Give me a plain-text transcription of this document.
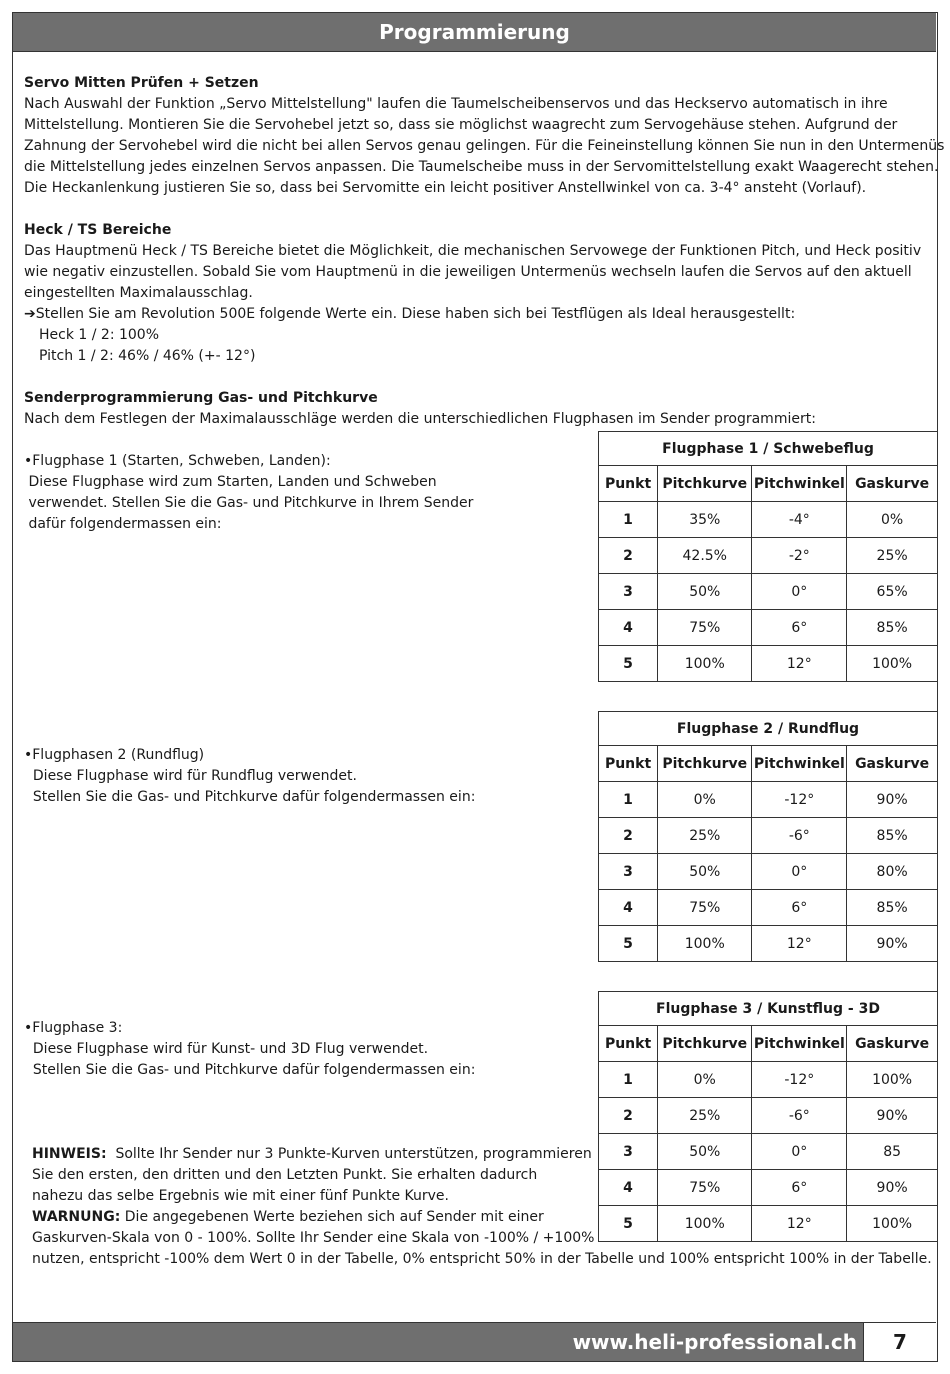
Programmierung
www.heli-professional.ch	7
Servo Mitten Prüfen + Setzen
Nach Auswahl der Funktion „Servo Mittelstellung" laufen die Taumelscheibenservos und das Heckservo automatisch in ihre
Mittelstellung. Montieren Sie die Servohebel jetzt so, dass sie möglichst waagrecht zum Servogehäuse stehen. Aufgrund der
Zahnung der Servohebel wird die nicht bei allen Servos genau gelingen. Für die Feineinstellung können Sie nun in den Untermenüs
die Mittelstellung jedes einzelnen Servos anpassen. Die Taumelscheibe muss in der Servomittelstellung exakt Waagerecht stehen.
Die Heckanlenkung justieren Sie so, dass bei Servomitte ein leicht positiver Anstellwinkel von ca. 3-4° ansteht (Vorlauf).
Heck / TS Bereiche
Das Hauptmenü Heck / TS Bereiche bietet die Möglichkeit, die mechanischen Servowege der Funktionen Pitch, und Heck positiv
wie negativ einzustellen. Sobald Sie vom Hauptmenü in die jeweiligen Untermenüs wechseln laufen die Servos auf den aktuell
eingestellten Maximalausschlag.
➔Stellen Sie am Revolution 500E folgende Werte ein. Diese haben sich bei Testflügen als Ideal herausgestellt:
Heck 1 / 2: 100%
Pitch 1 / 2: 46% / 46% (+- 12°)
Senderprogrammierung Gas- und Pitchkurve
Nach dem Festlegen der Maximalausschläge werden die unterschiedlichen Flugphasen im Sender programmiert:
•Flugphase 1 (Starten, Schweben, Landen):
Diese Flugphase wird zum Starten, Landen und Schweben
verwendet. Stellen Sie die Gas- und Pitchkurve in Ihrem Sender
dafür folgendermassen ein:
•Flugphasen 2 (Rundflug)
Diese Flugphase wird für Rundflug verwendet.
Stellen Sie die Gas- und Pitchkurve dafür folgendermassen ein:
•Flugphase 3:
Diese Flugphase wird für Kunst- und 3D Flug verwendet.
Stellen Sie die Gas- und Pitchkurve dafür folgendermassen ein:
HINWEIS:  Sollte Ihr Sender nur 3 Punkte-Kurven unterstützen, programmieren
Sie den ersten, den dritten und den Letzten Punkt. Sie erhalten dadurch
nahezu das selbe Ergebnis wie mit einer fünf Punkte Kurve.
WARNUNG: Die angegebenen Werte beziehen sich auf Sender mit einer
Gaskurven-Skala von 0 - 100%. Sollte Ihr Sender eine Skala von -100% / +100%
nutzen, entspricht -100% dem Wert 0 in der Tabelle, 0% entspricht 50% in der Tabelle und 100% entspricht 100% in der Tabelle.
Flugphase 1 / Schwebeflug			
Punkt	Pitchkurve	Pitchwinkel	Gaskurve
1	35%	-4°	0%
2	42.5%	-2°	25%
3	50%	0°	65%
4	75%	6°	85%
5	100%	12°	100%
Flugphase 2 / Rundflug			
Punkt	Pitchkurve	Pitchwinkel	Gaskurve
1	0%	-12°	90%
2	25%	-6°	85%
3	50%	0°	80%
4	75%	6°	85%
5	100%	12°	90%
Flugphase 3 / Kunstflug - 3D			
Punkt	Pitchkurve	Pitchwinkel	Gaskurve
1	0%	-12°	100%
2	25%	-6°	90%
3	50%	0°	85
4	75%	6°	90%
5	100%	12°	100%
